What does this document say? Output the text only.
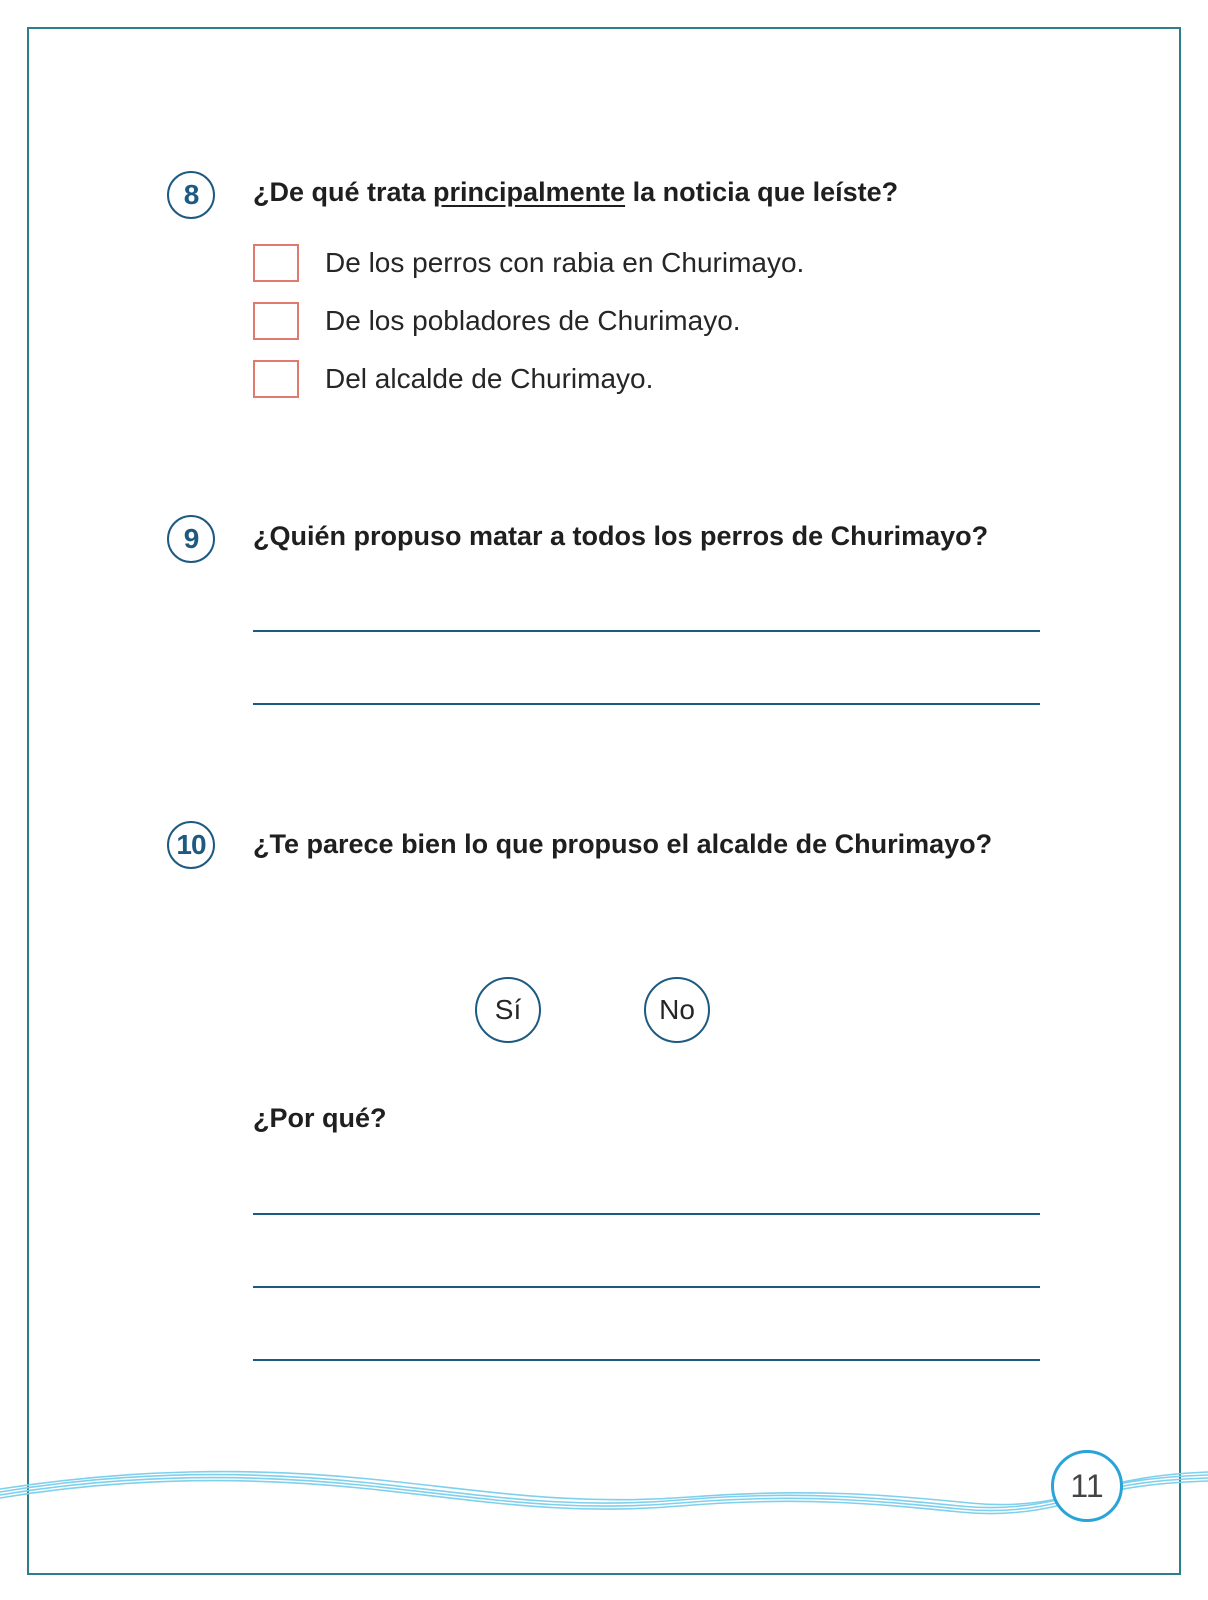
8	¿De qué trata principalmente la noticia que leíste?
De los perros con rabia en Churimayo.
De los pobladores de Churimayo.
Del alcalde de Churimayo.
9	¿Quién propuso matar a todos los perros de Churimayo?
10	¿Te parece bien lo que propuso el alcalde de Churimayo?
Sí	No
¿Por qué?
11
